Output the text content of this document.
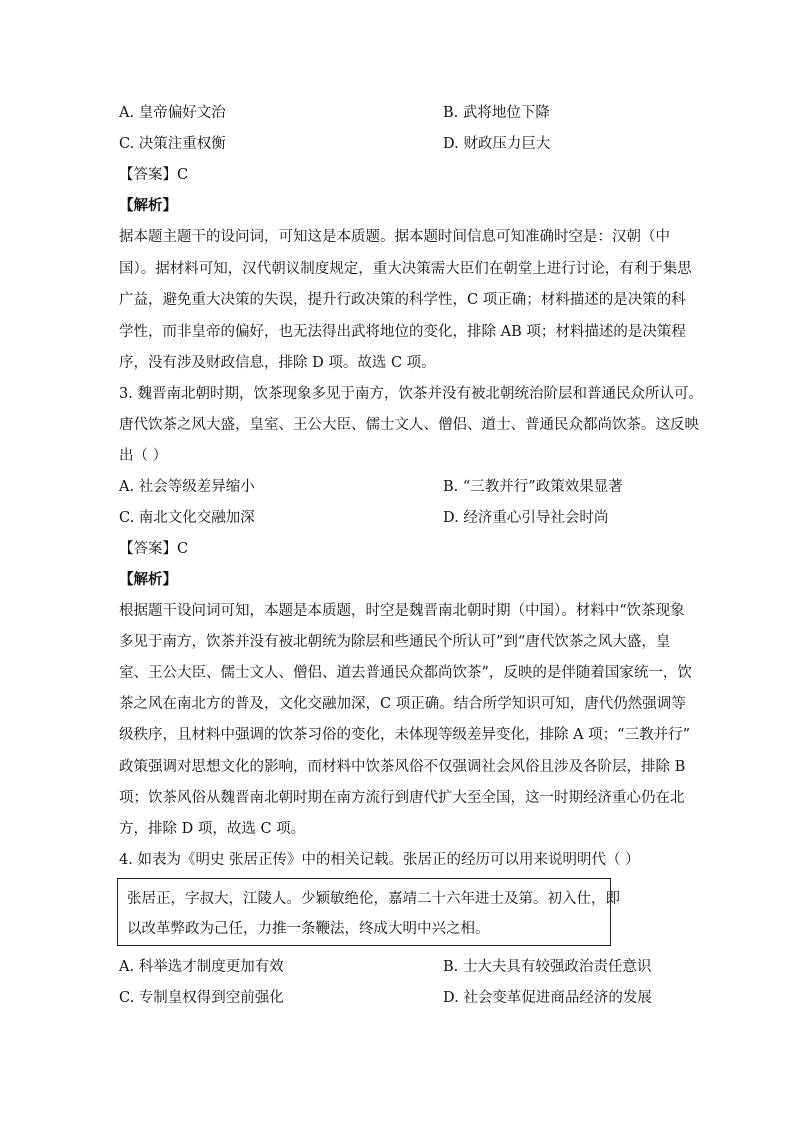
A. 皇帝偏好文治	B. 武将地位下降
C. 决策注重权衡	D. 财政压力巨大
【答案】C
【解析】
据本题主题干的设问词，可知这是本质题。据本题时间信息可知准确时空是：汉朝（中
国）。据材料可知，汉代朝议制度规定，重大决策需大臣们在朝堂上进行讨论，有利于集思
广益，避免重大决策的失误，提升行政决策的科学性，C 项正确；材料描述的是决策的科
学性，而非皇帝的偏好，也无法得出武将地位的变化，排除 AB 项；材料描述的是决策程
序，没有涉及财政信息，排除 D 项。故选 C 项。
3. 魏晋南北朝时期，饮茶现象多见于南方，饮茶并没有被北朝统治阶层和普通民众所认可。
唐代饮茶之风大盛，皇室、王公大臣、儒士文人、僧侣、道士、普通民众都尚饮茶。这反映
出（ ）
A. 社会等级差异缩小	B. “三教并行”政策效果显著
C. 南北文化交融加深	D. 经济重心引导社会时尚
【答案】C
【解析】
根据题干设问词可知，本题是本质题，时空是魏晋南北朝时期（中国）。材料中“饮茶现象
多见于南方，饮茶并没有被北朝统为除层和些通民个所认可”到“唐代饮茶之风大盛，皇
室、王公大臣、儒士文人、僧侣、道去普通民众都尚饮茶”，反映的是伴随着国家统一，饮
茶之风在南北方的普及，文化交融加深，C 项正确。结合所学知识可知，唐代仍然强调等
级秩序，且材料中强调的饮茶习俗的变化，未体现等级差异变化，排除 A 项；“三教并行”
政策强调对思想文化的影响，而材料中饮茶风俗不仅强调社会风俗且涉及各阶层，排除 B
项；饮茶风俗从魏晋南北朝时期在南方流行到唐代扩大至全国，这一时期经济重心仍在北
方，排除 D 项，故选 C 项。
4. 如表为《明史 张居正传》中的相关记载。张居正的经历可以用来说明明代（ ）
张居正，字叔大，江陵人。少颖敏绝伦，嘉靖二十六年进士及第。初入仕，即
以改革弊政为己任，力推一条鞭法，终成大明中兴之相。
A. 科举选才制度更加有效	B. 士大夫具有较强政治责任意识
C. 专制皇权得到空前强化	D. 社会变革促进商品经济的发展
